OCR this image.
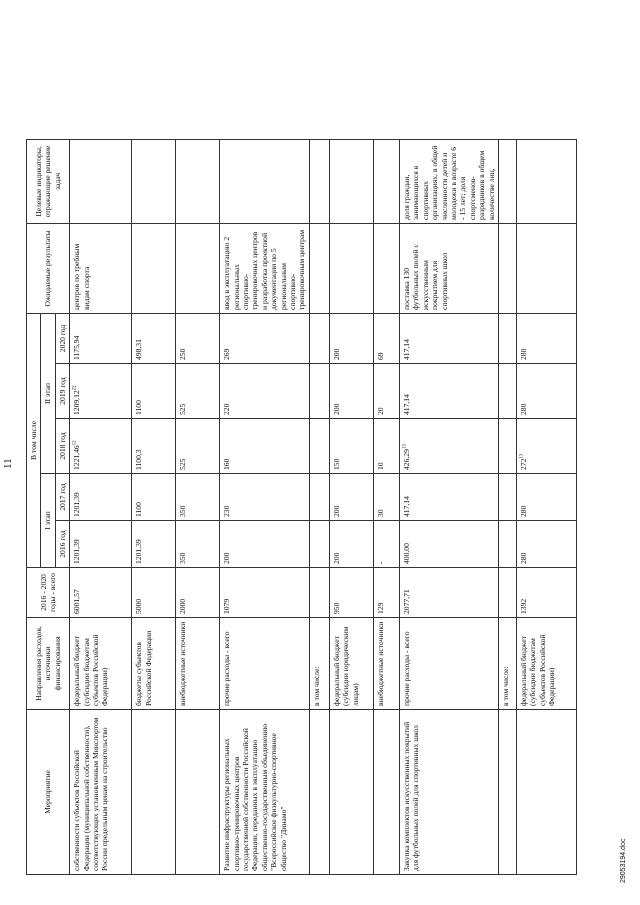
11
Мероприятие	Направления расходов, источники финансирования	2016 - 2020 годы - всего	В том числе					Ожидаемые результаты	Целевые индикаторы, отражающие решение задач	
			I этап		II этап					
			2016 год	2017 год	2018 год	2019 год	2020 год			
собственности субъектов Российской Федерации (муниципальной собственности), соответствующих установленным Минспортом России предельным ценам на строительство	федеральный бюджет (субсидии бюджетам субъектов Российской Федерации)	6001,57	1201,39	1201,39	1221,46$^{12}$	1209,12$^{22}$	1175,94	центров по требным видам спорта		
	бюджеты субъектов Российской Федерации	5000	1201,39	1100	1100,3	1100	498,31			
	внебюджетные источники	2000	350	350	525	525	250			
Развитие инфраструктуры региональных спортивно-тренировочных центров государственной собственности Российской Федерации, переданных в эксплуатацию общественно-государственным объединению "Всероссийское физкультурно-спортивное общество "Динамо"	прочие расходы - всего	1079	200	230	160	220	269	ввод в эксплуатацию 2 региональных спортивно-тренировочных центров и разработка проектной документации по 5 региональным спортивно-тренировочным центрам		
	в том числе:									
	федеральный бюджет (субсидии юридическим лицам)	950	200	200	150	200	200			
	внебюджетные источники	129	-	30	10	20	69			
Закупка комплектов искусственных покрытий для футбольных полей для спортивных школ	прочие расходы - всего	2077,71	400,00	417,14	426,29$^{13}$	417,14	417,14	поставка 130 футбольных полей с искусственным покрытием для спортивных школ	доля граждан, занимающихся в спортивных организациях, в общей численности детей и молодежи в возрасте 6 - 15 лет; доля спортсменов-разрядников в общем количестве лиц,	
	в том числе:									
	федеральный бюджет (субсидии бюджетам субъектов Российской Федерации)	1392	280	280	$272^{13}$	280	280			
29053194.doc
